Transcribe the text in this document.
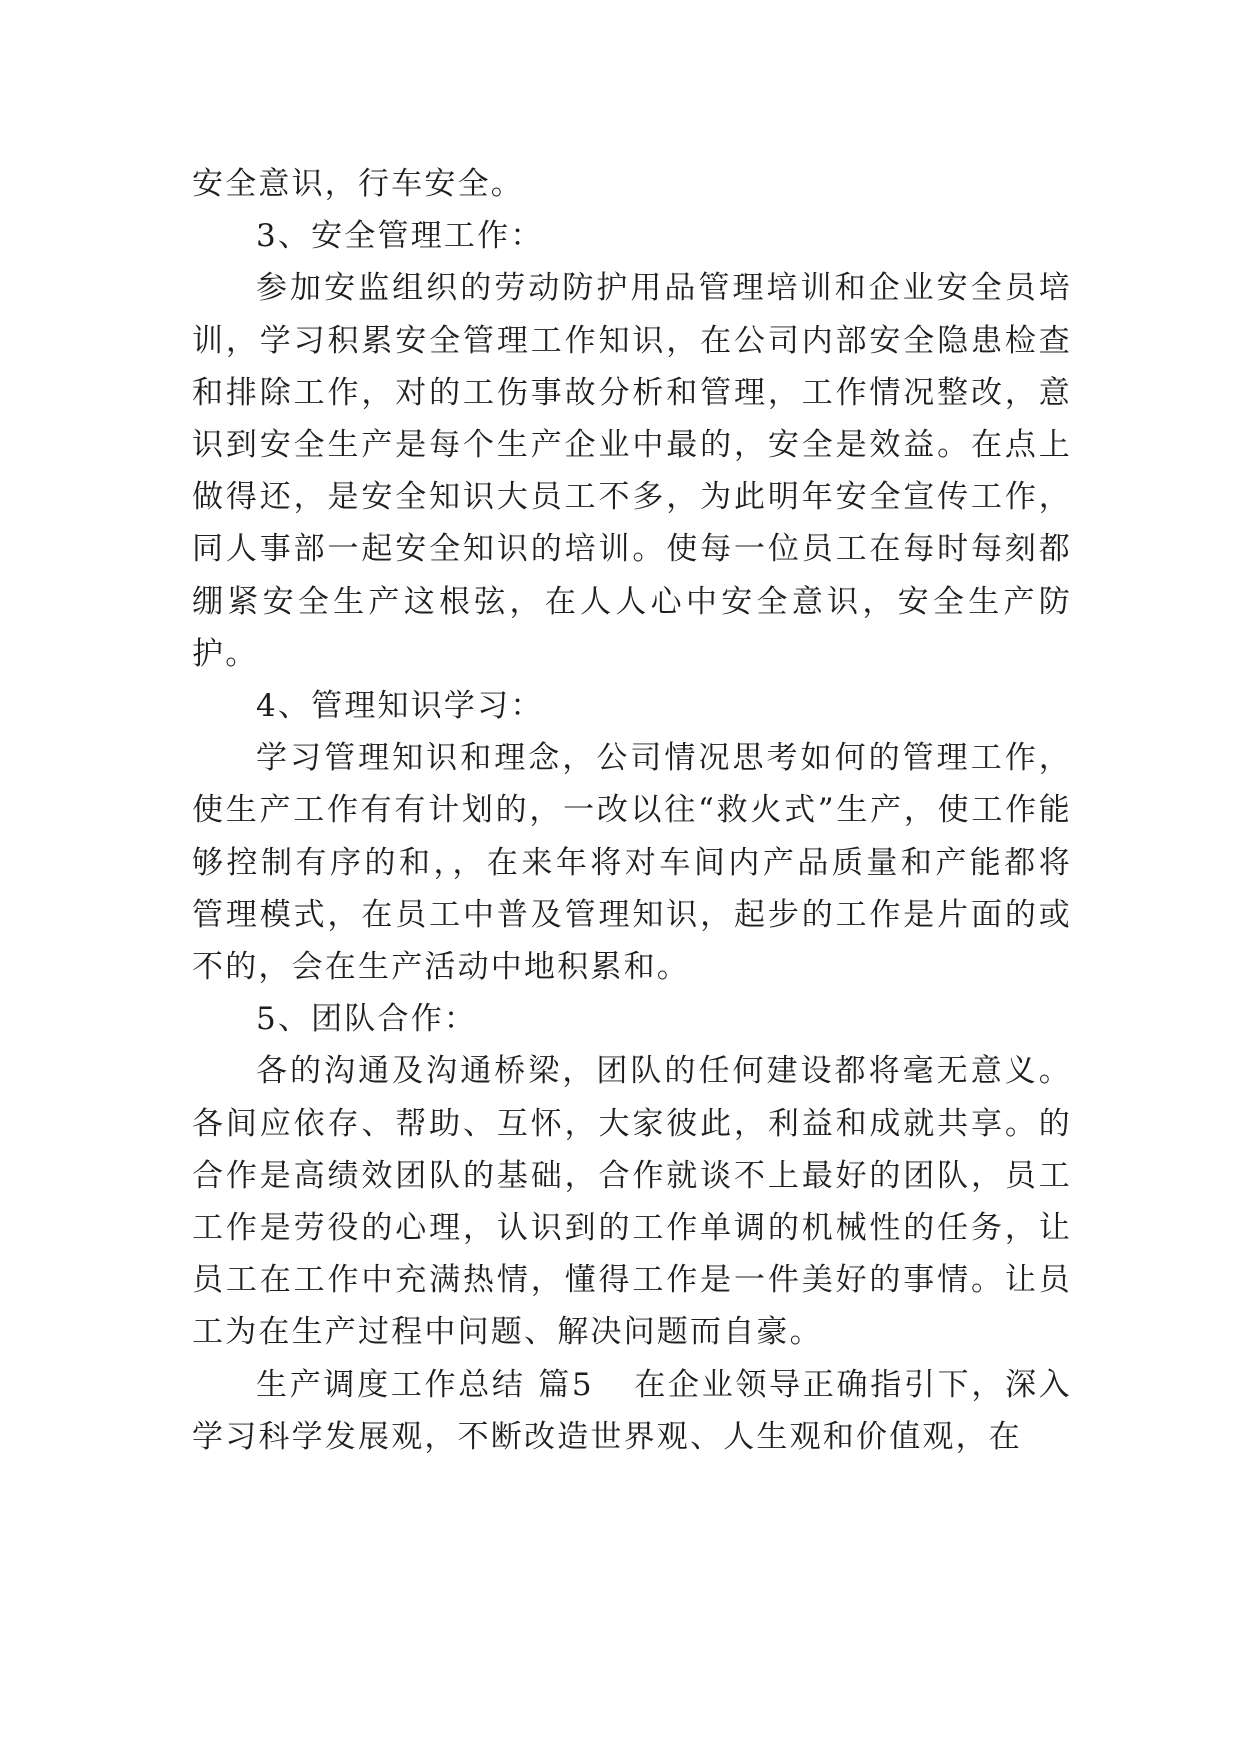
安全意识，行车安全。

3、安全管理工作：

参加安监组织的劳动防护用品管理培训和企业安全员培训，学习积累安全管理工作知识，在公司内部安全隐患检查和排除工作，对的工伤事故分析和管理，工作情况整改，意识到安全生产是每个生产企业中最的，安全是效益。在点上做得还，是安全知识大员工不多，为此明年安全宣传工作，同人事部一起安全知识的培训。使每一位员工在每时每刻都绷紧安全生产这根弦，在人人心中安全意识，安全生产防护。

4、管理知识学习：

学习管理知识和理念，公司情况思考如何的管理工作，使生产工作有有计划的，一改以往“救火式”生产，使工作能够控制有序的和，，在来年将对车间内产品质量和产能都将管理模式，在员工中普及管理知识，起步的工作是片面的或不的，会在生产活动中地积累和。

5、团队合作：

各的沟通及沟通桥梁，团队的任何建设都将毫无意义。各间应依存、帮助、互怀，大家彼此，利益和成就共享。的合作是高绩效团队的基础，合作就谈不上最好的团队，员工工作是劳役的心理，认识到的工作单调的机械性的任务，让员工在工作中充满热情，懂得工作是一件美好的事情。让员工为在生产过程中问题、解决问题而自豪。

生产调度工作总结 篇5 在企业领导正确指引下，深入学习科学发展观，不断改造世界观、人生观和价值观，在
